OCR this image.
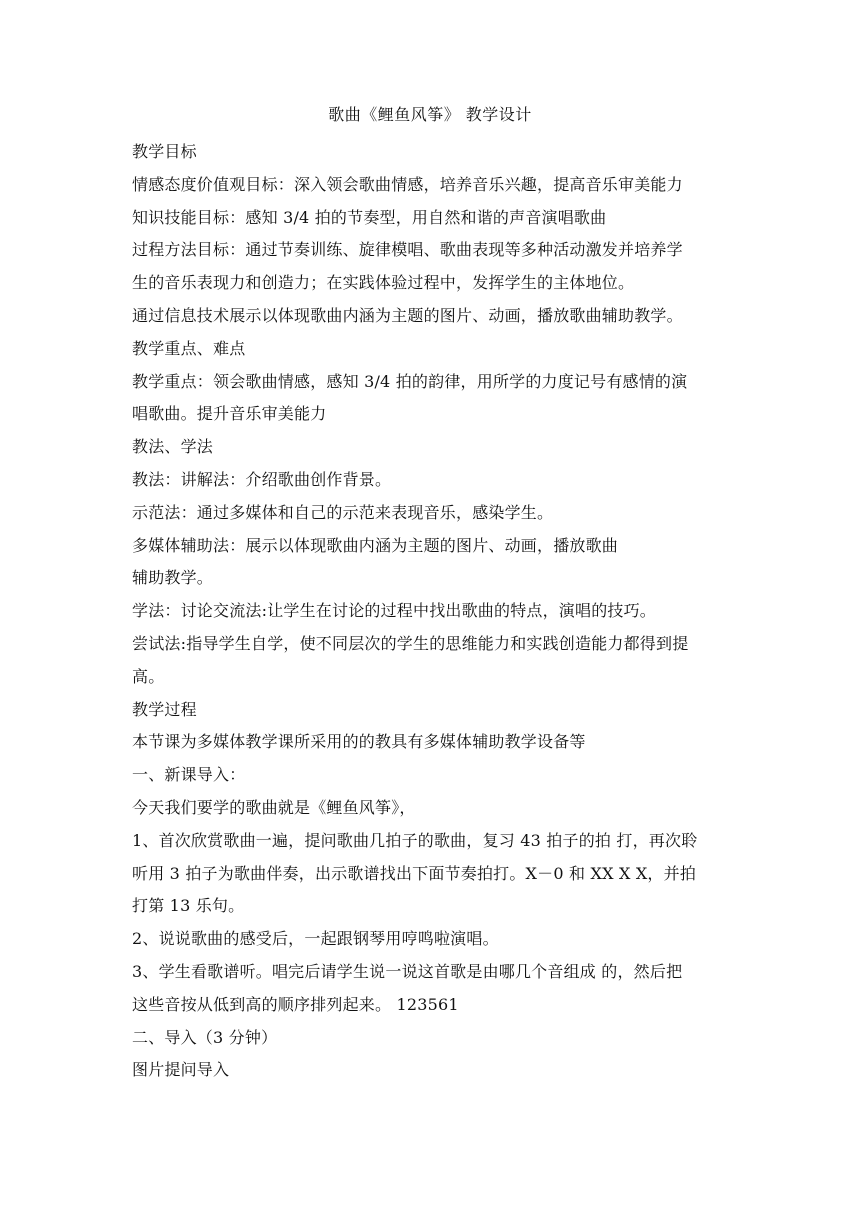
歌曲《鲤鱼风筝》 教学设计
教学目标
情感态度价值观目标：深入领会歌曲情感，培养音乐兴趣，提高音乐审美能力
知识技能目标：感知 3/4 拍的节奏型，用自然和谐的声音演唱歌曲
过程方法目标：通过节奏训练、旋律模唱、歌曲表现等多种活动激发并培养学
生的音乐表现力和创造力；在实践体验过程中，发挥学生的主体地位。
通过信息技术展示以体现歌曲内涵为主题的图片、动画，播放歌曲辅助教学。
教学重点、难点
教学重点：领会歌曲情感，感知 3/4 拍的韵律，用所学的力度记号有感情的演
唱歌曲。提升音乐审美能力
教法、学法
教法：讲解法：介绍歌曲创作背景。
示范法：通过多媒体和自己的示范来表现音乐，感染学生。
多媒体辅助法：展示以体现歌曲内涵为主题的图片、动画，播放歌曲
辅助教学。
学法：讨论交流法:让学生在讨论的过程中找出歌曲的特点，演唱的技巧。
尝试法:指导学生自学，使不同层次的学生的思维能力和实践创造能力都得到提
高。
教学过程
本节课为多媒体教学课所采用的的教具有多媒体辅助教学设备等
一、新课导入：
今天我们要学的歌曲就是《鲤鱼风筝》，
1、首次欣赏歌曲一遍，提问歌曲几拍子的歌曲，复习 43 拍子的拍 打，再次聆
听用 3 拍子为歌曲伴奏，出示歌谱找出下面节奏拍打。X－0 和 XX X X，并拍
打第 13 乐句。
2、说说歌曲的感受后，一起跟钢琴用哼鸣啦演唱。
3、学生看歌谱听。唱完后请学生说一说这首歌是由哪几个音组成 的，然后把
这些音按从低到高的顺序排列起来。 123561
二、导入（3 分钟）
图片提问导入
